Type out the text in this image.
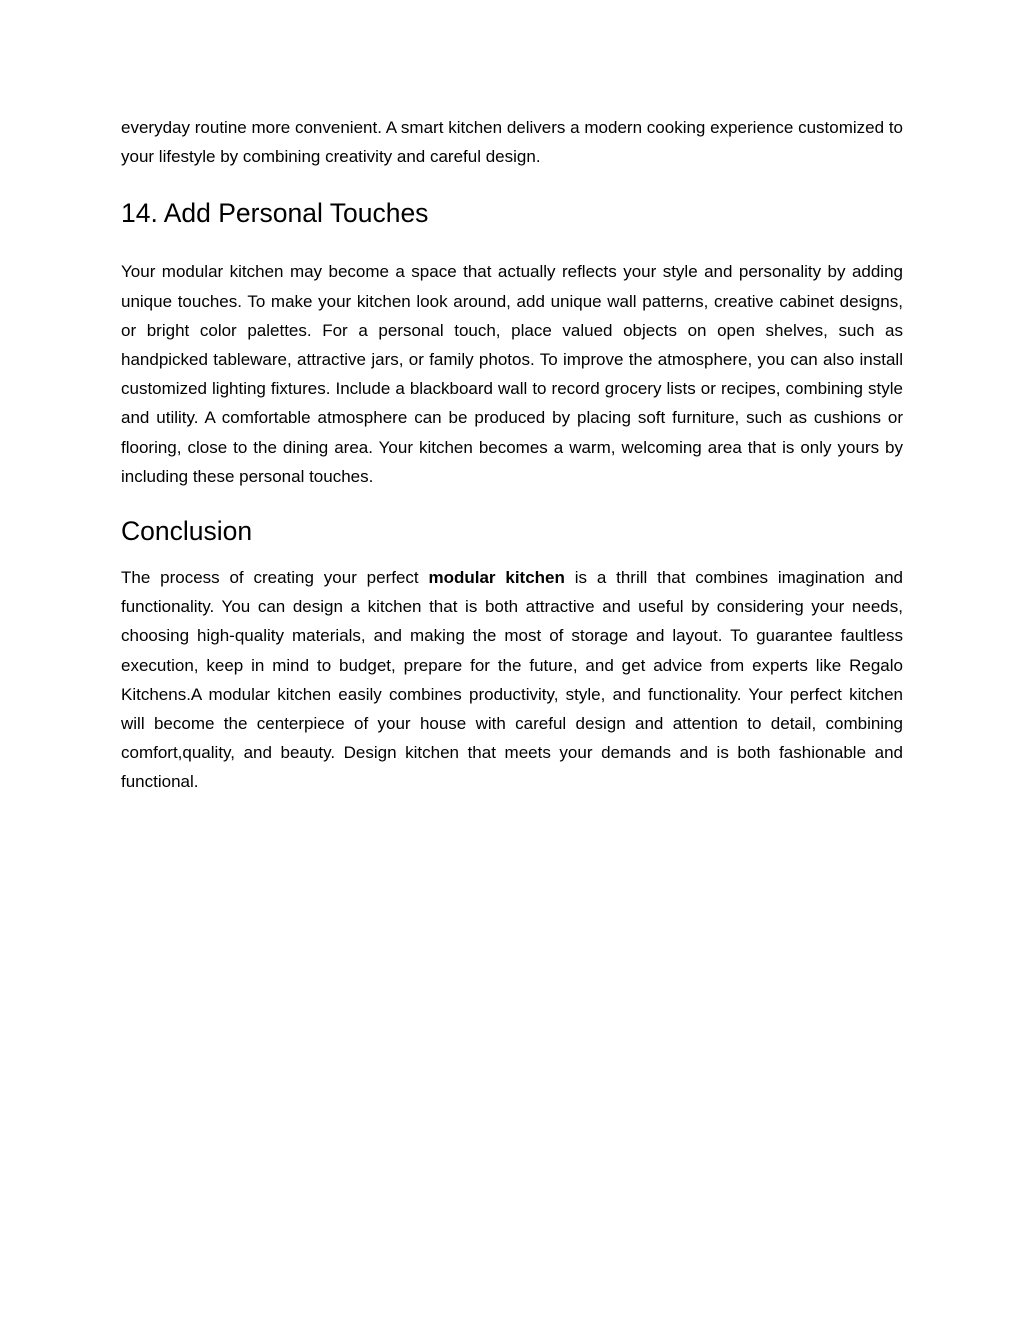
everyday routine more convenient. A smart kitchen delivers a modern cooking experience customized to your lifestyle by combining creativity and careful design.

14. Add Personal Touches

Your modular kitchen may become a space that actually reflects your style and personality by adding unique touches. To make your kitchen look around, add unique wall patterns, creative cabinet designs, or bright color palettes. For a personal touch, place valued objects on open shelves, such as handpicked tableware, attractive jars, or family photos. To improve the atmosphere, you can also install customized lighting fixtures. Include a blackboard wall to record grocery lists or recipes, combining style and utility. A comfortable atmosphere can be produced by placing soft furniture, such as cushions or flooring, close to the dining area. Your kitchen becomes a warm, welcoming area that is only yours by including these personal touches.

Conclusion

The process of creating your perfect modular kitchen is a thrill that combines imagination and functionality. You can design a kitchen that is both attractive and useful by considering your needs, choosing high-quality materials, and making the most of storage and layout. To guarantee faultless execution, keep in mind to budget, prepare for the future, and get advice from experts like Regalo Kitchens.A modular kitchen easily combines productivity, style, and functionality. Your perfect kitchen will become the centerpiece of your house with careful design and attention to detail, combining comfort,quality, and beauty. Design kitchen that meets your demands and is both fashionable and functional.
